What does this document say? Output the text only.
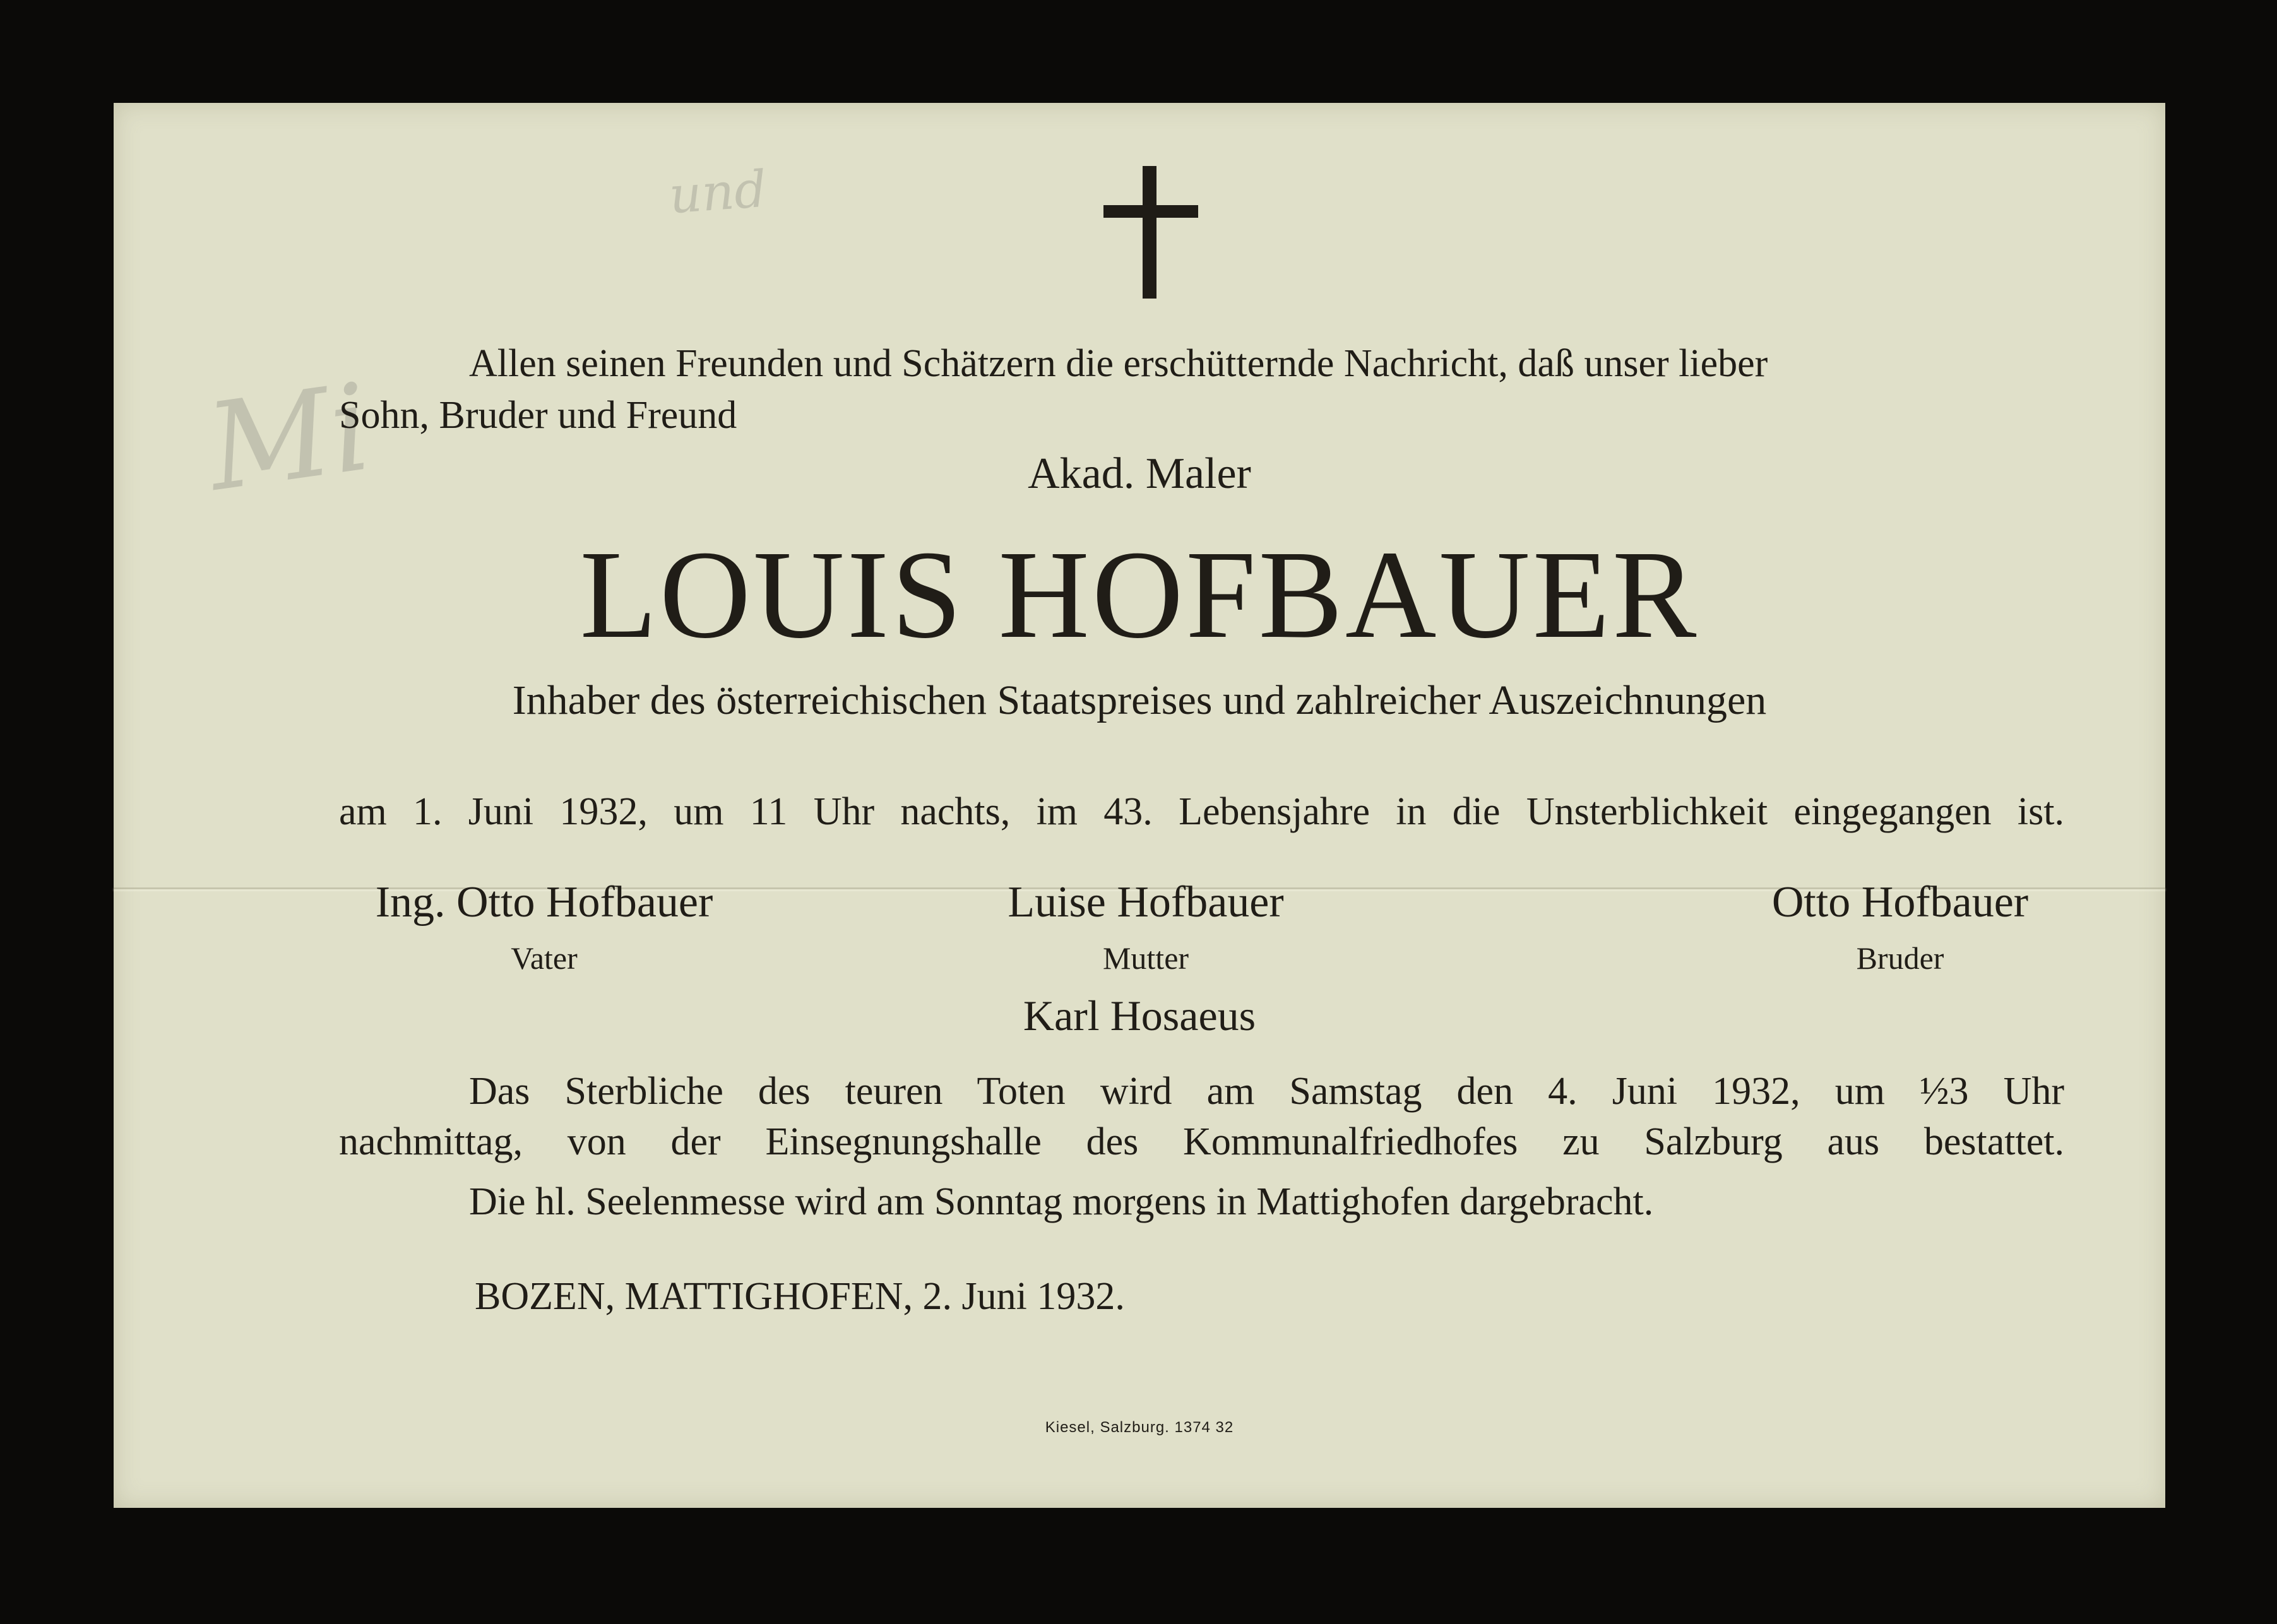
und
Mi Allen seinen Freunden und Schätzern die erschütternde Nachricht, daß unser lieber
Sohn, Bruder und Freund
Akad. Maler
LOUIS HOFBAUER
Inhaber des österreichischen Staatspreises und zahlreicher Auszeichnungen
am 1. Juni 1932, um 11 Uhr nachts, im 43. Lebensjahre in die Unsterblichkeit eingegangen ist.
Ing. Otto Hofbauer
Vater
Luise Hofbauer
Mutter
Otto Hofbauer
Bruder
Karl Hosaeus
Das Sterbliche des teuren Toten wird am Samstag den 4. Juni 1932, um ½3 Uhr
nachmittag, von der Einsegnungshalle des Kommunalfriedhofes zu Salzburg aus bestattet.
Die hl. Seelenmesse wird am Sonntag morgens in Mattighofen dargebracht.
BOZEN, MATTIGHOFEN, 2. Juni 1932.
Kiesel, Salzburg. 1374 32
